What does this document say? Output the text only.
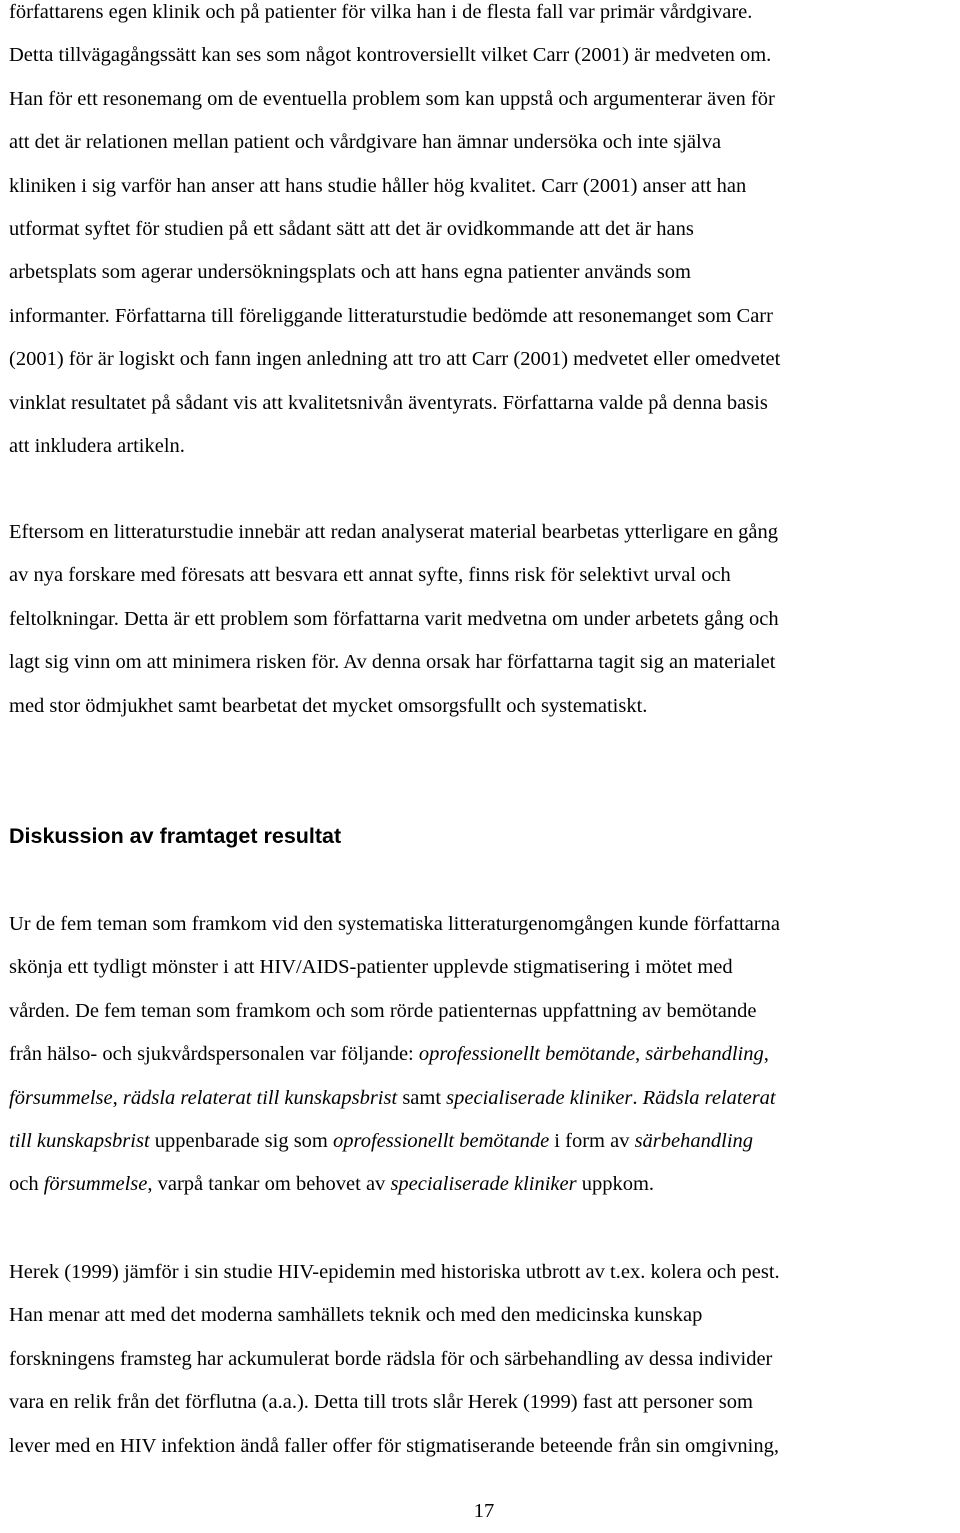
författarens egen klinik och på patienter för vilka han i de flesta fall var primär vårdgivare.
Detta tillvägagångssätt kan ses som något kontroversiellt vilket Carr (2001) är medveten om.
Han för ett resonemang om de eventuella problem som kan uppstå och argumenterar även för
att det är relationen mellan patient och vårdgivare han ämnar undersöka och inte själva
kliniken i sig varför han anser att hans studie håller hög kvalitet. Carr (2001) anser att han
utformat syftet för studien på ett sådant sätt att det är ovidkommande att det är hans
arbetsplats som agerar undersökningsplats och att hans egna patienter används som
informanter. Författarna till föreliggande litteraturstudie bedömde att resonemanget som Carr
(2001) för är logiskt och fann ingen anledning att tro att Carr (2001) medvetet eller omedvetet
vinklat resultatet på sådant vis att kvalitetsnivån äventyrats. Författarna valde på denna basis
att inkludera artikeln.
Eftersom en litteraturstudie innebär att redan analyserat material bearbetas ytterligare en gång
av nya forskare med föresats att besvara ett annat syfte, finns risk för selektivt urval och
feltolkningar. Detta är ett problem som författarna varit medvetna om under arbetets gång och
lagt sig vinn om att minimera risken för. Av denna orsak har författarna tagit sig an materialet
med stor ödmjukhet samt bearbetat det mycket omsorgsfullt och systematiskt.
Diskussion av framtaget resultat
Ur de fem teman som framkom vid den systematiska litteraturgenomgången kunde författarna
skönja ett tydligt mönster i att HIV/AIDS-patienter upplevde stigmatisering i mötet med
vården. De fem teman som framkom och som rörde patienternas uppfattning av bemötande
från hälso- och sjukvårdspersonalen var följande: oprofessionellt bemötande, särbehandling,
försummelse, rädsla relaterat till kunskapsbrist samt specialiserade kliniker. Rädsla relaterat
till kunskapsbrist uppenbarade sig som oprofessionellt bemötande i form av särbehandling
och försummelse, varpå tankar om behovet av specialiserade kliniker uppkom.
Herek (1999) jämför i sin studie HIV-epidemin med historiska utbrott av t.ex. kolera och pest.
Han menar att med det moderna samhällets teknik och med den medicinska kunskap
forskningens framsteg har ackumulerat borde rädsla för och särbehandling av dessa individer
vara en relik från det förflutna (a.a.). Detta till trots slår Herek (1999) fast att personer som
lever med en HIV infektion ändå faller offer för stigmatiserande beteende från sin omgivning,
17
